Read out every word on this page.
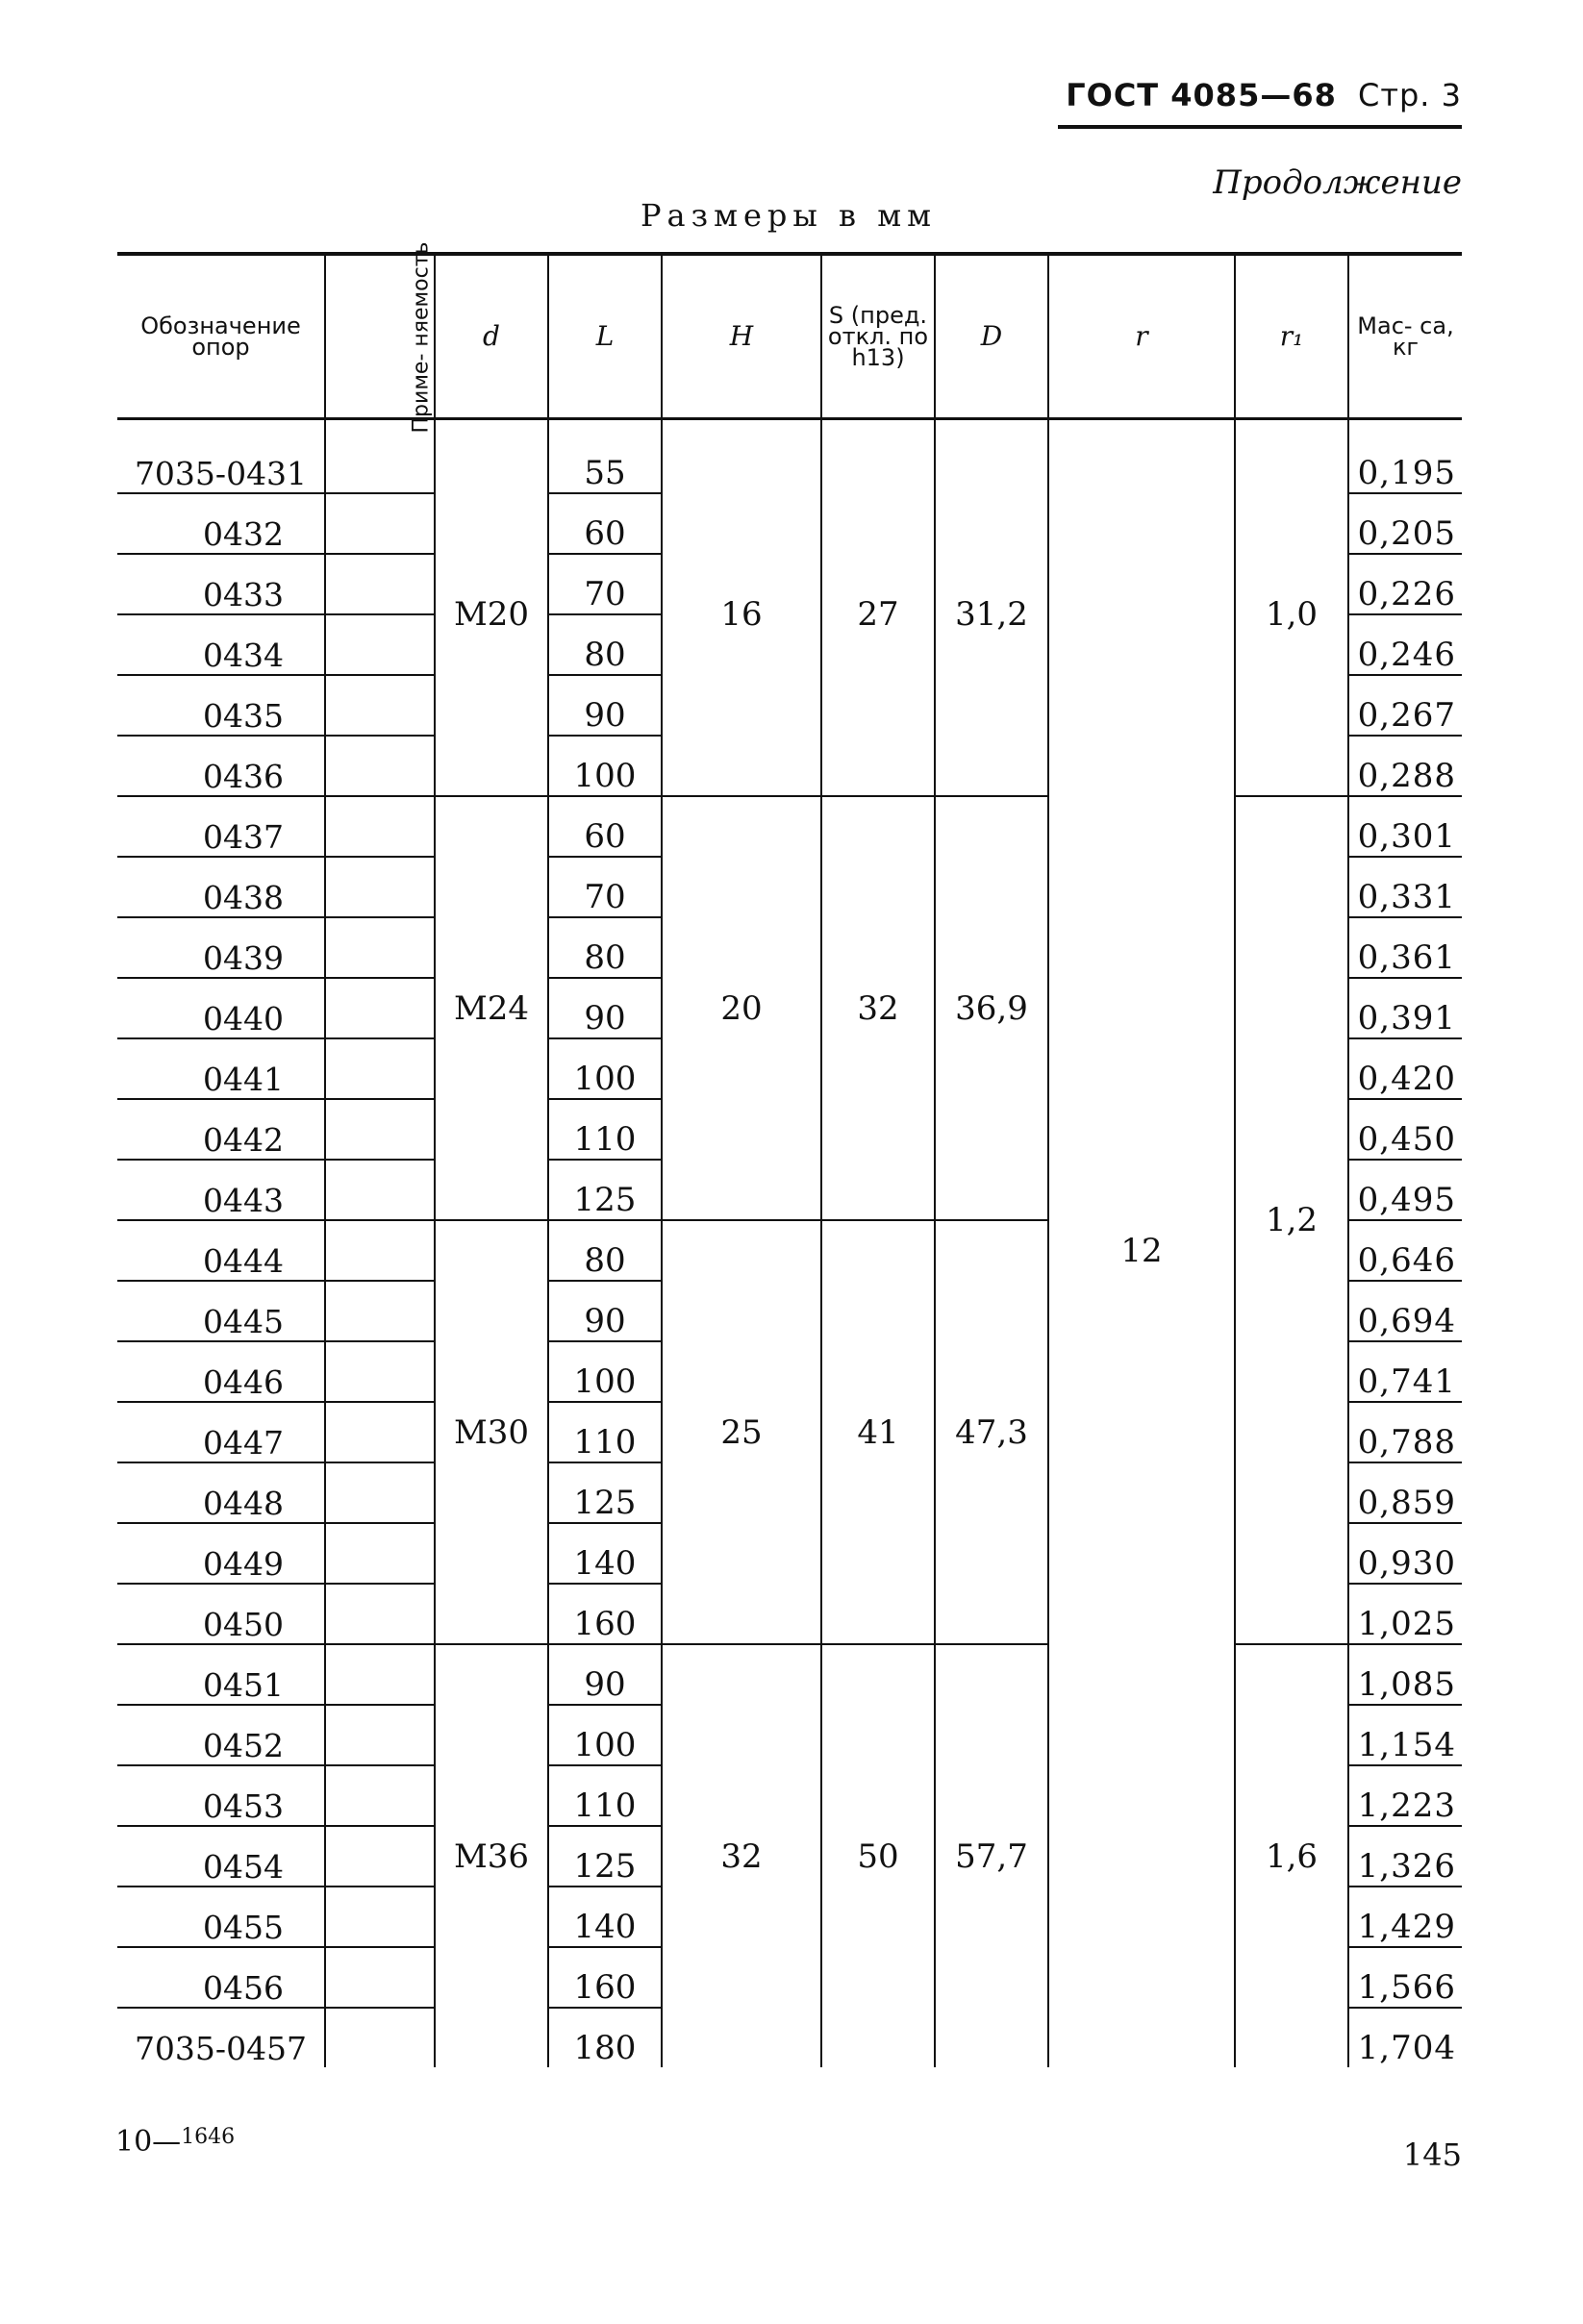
ГОСТ 4085—68 Стр. 3
Продолжение
Размеры в мм
Обозначение опор	Приме- няемость	d	L	H	S (пред. откл. по h13)	D	r	r₁	Мас- са, кг
7035-0431		M20	55	16	27	31,2	12	1,0	0,195
0432			60						0,205
0433			70						0,226
0434			80						0,246
0435			90						0,267
0436			100						0,288
0437		M24	60	20	32	36,9		1,2	0,301
0438			70						0,331
0439			80						0,361
0440			90						0,391
0441			100						0,420
0442			110						0,450
0443			125						0,495
0444		M30	80	25	41	47,3			0,646
0445			90						0,694
0446			100						0,741
0447			110						0,788
0448			125						0,859
0449			140						0,930
0450			160						1,025
0451		M36	90	32	50	57,7		1,6	1,085
0452			100						1,154
0453			110						1,223
0454			125						1,326
0455			140						1,429
0456			160						1,566
7035-0457			180						1,704
10—$^{1646}$	145
